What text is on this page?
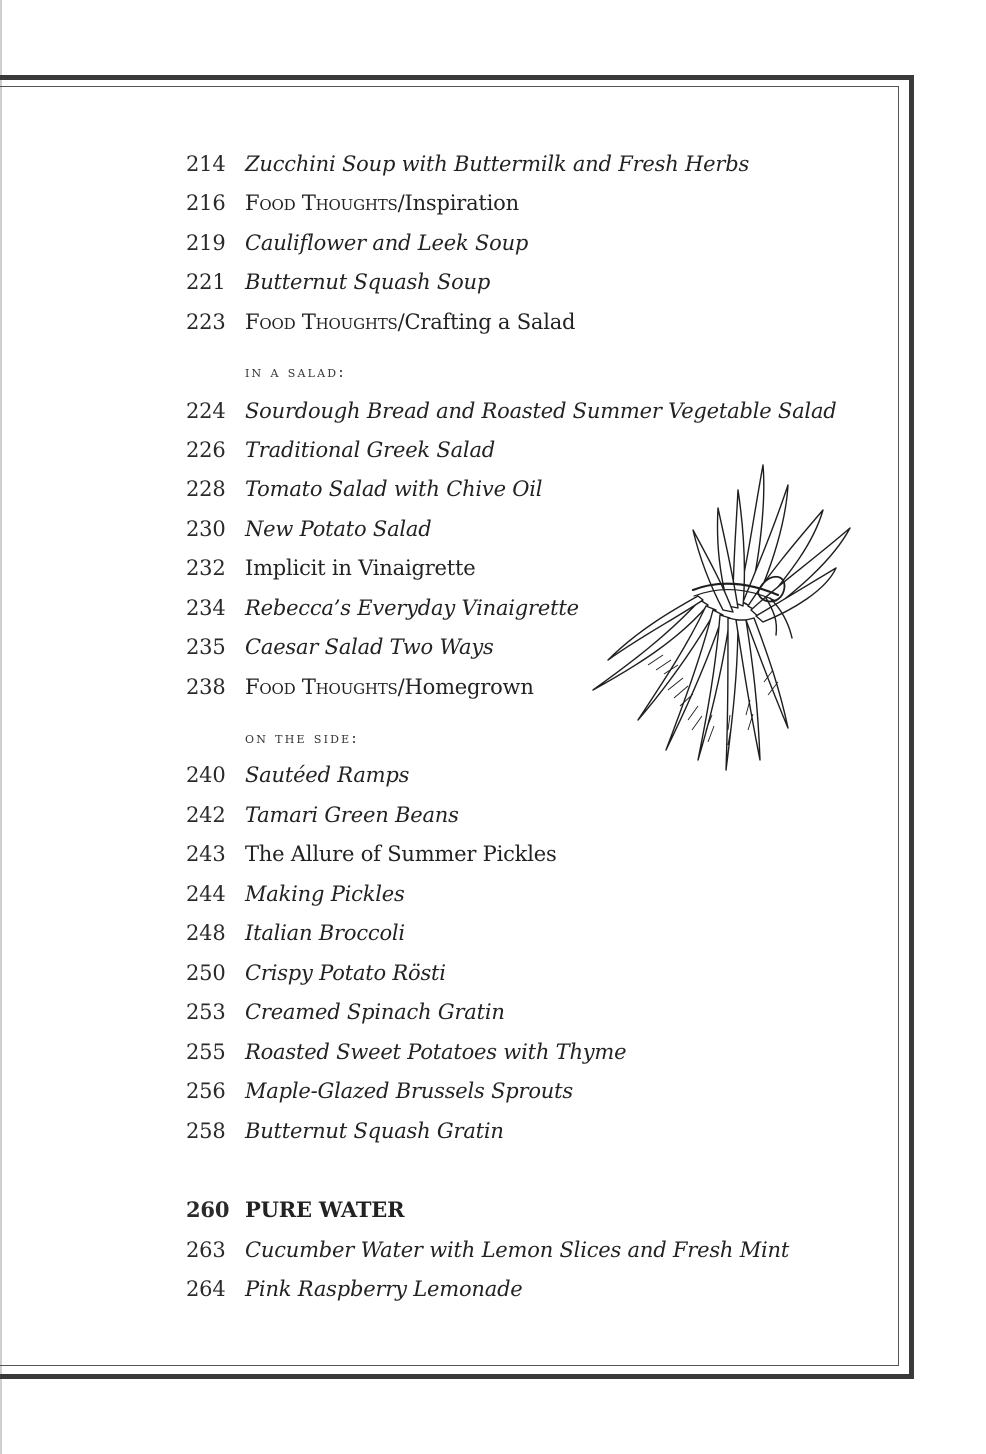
214 Zucchini Soup with Buttermilk and Fresh Herbs
216 Food Thoughts/Inspiration
219 Cauliflower and Leek Soup
221 Butternut Squash Soup
223 Food Thoughts/Crafting a Salad
in a salad:
224 Sourdough Bread and Roasted Summer Vegetable Salad
226 Traditional Greek Salad
228 Tomato Salad with Chive Oil
230 New Potato Salad
232 Implicit in Vinaigrette
234 Rebecca’s Everyday Vinaigrette
235 Caesar Salad Two Ways
238 Food Thoughts/Homegrown
on the side:
240 Sautéed Ramps
242 Tamari Green Beans
243 The Allure of Summer Pickles
244 Making Pickles
248 Italian Broccoli
250 Crispy Potato Rösti
253 Creamed Spinach Gratin
255 Roasted Sweet Potatoes with Thyme
256 Maple-Glazed Brussels Sprouts
258 Butternut Squash Gratin
260 PURE WATER
263 Cucumber Water with Lemon Slices and Fresh Mint
264 Pink Raspberry Lemonade
